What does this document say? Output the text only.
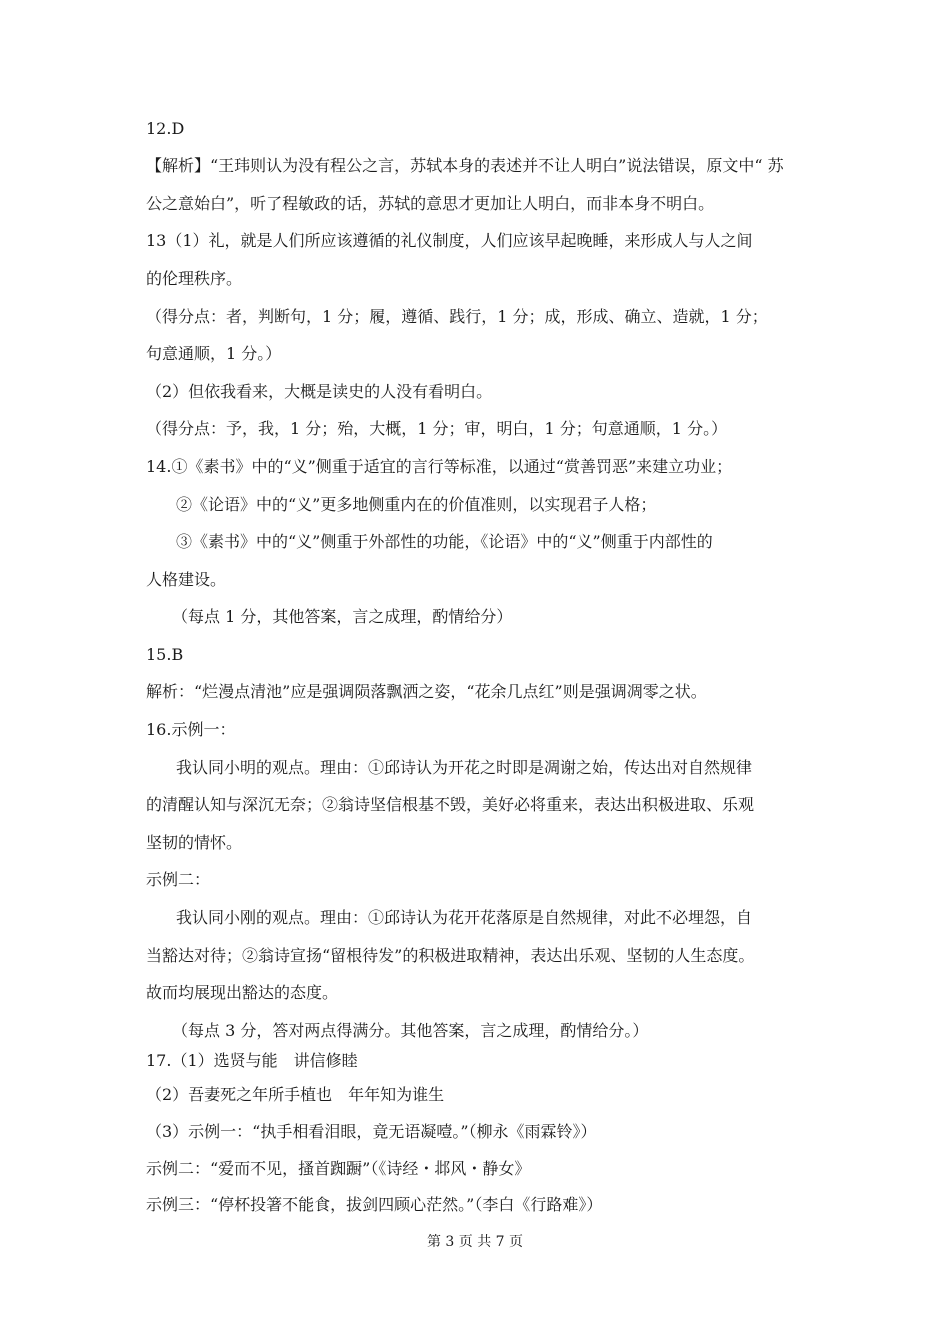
12.D
【解析】“王玮则认为没有程公之言，苏轼本身的表述并不让人明白”说法错误，原文中“ 苏
公之意始白”，听了程敏政的话，苏轼的意思才更加让人明白，而非本身不明白。
13（1）礼，就是人们所应该遵循的礼仪制度，人们应该早起晚睡，来形成人与人之间
的伦理秩序。
（得分点：者，判断句，1 分；履，遵循、践行，1 分；成，形成、确立、造就，1 分；
句意通顺，1 分。）
（2）但依我看来，大概是读史的人没有看明白。
（得分点：予，我，1 分；殆，大概，1 分；审，明白，1 分；句意通顺，1 分。）
14.①《素书》中的“义”侧重于适宜的言行等标准，以通过“赏善罚恶”来建立功业；
②《论语》中的“义”更多地侧重内在的价值准则，以实现君子人格；
③《素书》中的“义”侧重于外部性的功能，《论语》中的“义”侧重于内部性的
人格建设。
（每点 1 分，其他答案，言之成理，酌情给分）
15.B
解析：“烂漫点清池”应是强调陨落飘洒之姿，“花余几点红”则是强调凋零之状。
16.示例一：
我认同小明的观点。理由：①邱诗认为开花之时即是凋谢之始，传达出对自然规律
的清醒认知与深沉无奈；②翁诗坚信根基不毁，美好必将重来，表达出积极进取、乐观
坚韧的情怀。
示例二：
我认同小刚的观点。理由：①邱诗认为花开花落原是自然规律，对此不必埋怨，自
当豁达对待；②翁诗宣扬“留根待发”的积极进取精神，表达出乐观、坚韧的人生态度。
故而均展现出豁达的态度。
（每点 3 分，答对两点得满分。其他答案，言之成理，酌情给分。）
17.（1）选贤与能　讲信修睦
（2）吾妻死之年所手植也　年年知为谁生
（3）示例一：“执手相看泪眼，竟无语凝噎。”（柳永《雨霖铃》）
示例二：“爱而不见，搔首踟蹰”（《诗经・邶风・静女》
示例三：“停杯投箸不能食，拔剑四顾心茫然。”（李白《行路难》）
第 3 页 共 7 页
